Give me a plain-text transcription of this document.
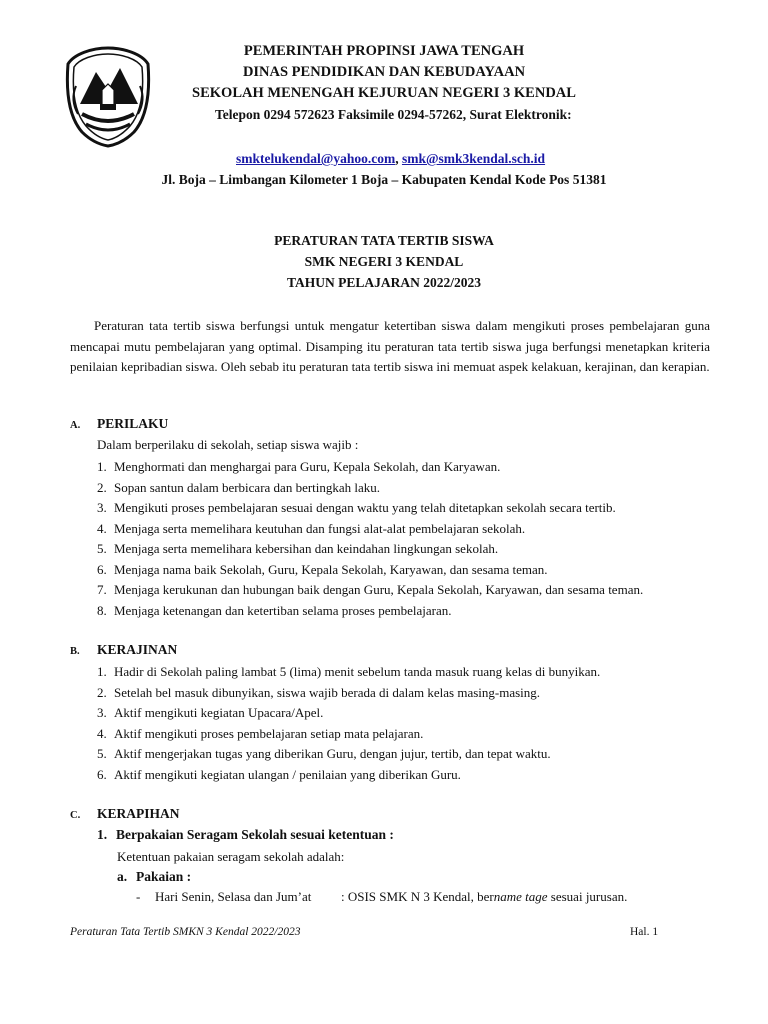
PEMERINTAH PROPINSI JAWA TENGAH
DINAS PENDIDIKAN DAN KEBUDAYAAN
SEKOLAH MENENGAH KEJURUAN NEGERI 3 KENDAL
Telepon 0294 572623 Faksimile 0294-57262, Surat Elektronik:
smktelukendal@yahoo.com, smk@smk3kendal.sch.id
Jl. Boja – Limbangan Kilometer 1 Boja – Kabupaten Kendal Kode Pos 51381
PERATURAN TATA TERTIB SISWA
SMK NEGERI 3 KENDAL
TAHUN PELAJARAN 2022/2023
Peraturan tata tertib siswa berfungsi untuk mengatur ketertiban siswa dalam mengikuti proses pembelajaran guna mencapai mutu pembelajaran yang optimal. Disamping itu peraturan tata tertib siswa juga berfungsi menetapkan kriteria penilaian kepribadian siswa. Oleh sebab itu peraturan tata tertib siswa ini memuat aspek kelakuan, kerajinan, dan kerapian.
A. PERILAKU
Dalam berperilaku di sekolah, setiap siswa wajib :
1. Menghormati dan menghargai para Guru, Kepala Sekolah, dan Karyawan.
2. Sopan santun dalam berbicara dan bertingkah laku.
3. Mengikuti proses pembelajaran sesuai dengan waktu yang telah ditetapkan sekolah secara tertib.
4. Menjaga serta memelihara keutuhan dan fungsi alat-alat pembelajaran sekolah.
5. Menjaga serta memelihara kebersihan dan keindahan lingkungan sekolah.
6. Menjaga nama baik Sekolah, Guru, Kepala Sekolah, Karyawan, dan sesama teman.
7. Menjaga kerukunan dan hubungan baik dengan Guru, Kepala Sekolah, Karyawan, dan sesama teman.
8. Menjaga ketenangan dan ketertiban selama proses pembelajaran.
B. KERAJINAN
1. Hadir di Sekolah paling lambat 5 (lima) menit sebelum tanda masuk ruang kelas di bunyikan.
2. Setelah bel masuk dibunyikan, siswa wajib berada di dalam kelas masing-masing.
3. Aktif mengikuti kegiatan Upacara/Apel.
4. Aktif mengikuti proses pembelajaran setiap mata pelajaran.
5. Aktif mengerjakan tugas yang diberikan Guru, dengan jujur, tertib, dan tepat waktu.
6. Aktif mengikuti kegiatan ulangan / penilaian yang diberikan Guru.
C. KERAPIHAN
1. Berpakaian Seragam Sekolah sesuai ketentuan :
Ketentuan pakaian seragam sekolah adalah:
a. Pakaian :
- Hari Senin, Selasa dan Jum’at : OSIS SMK N 3 Kendal, bername tage sesuai jurusan.
Peraturan Tata Tertib SMKN 3 Kendal 2022/2023	Hal. 1
